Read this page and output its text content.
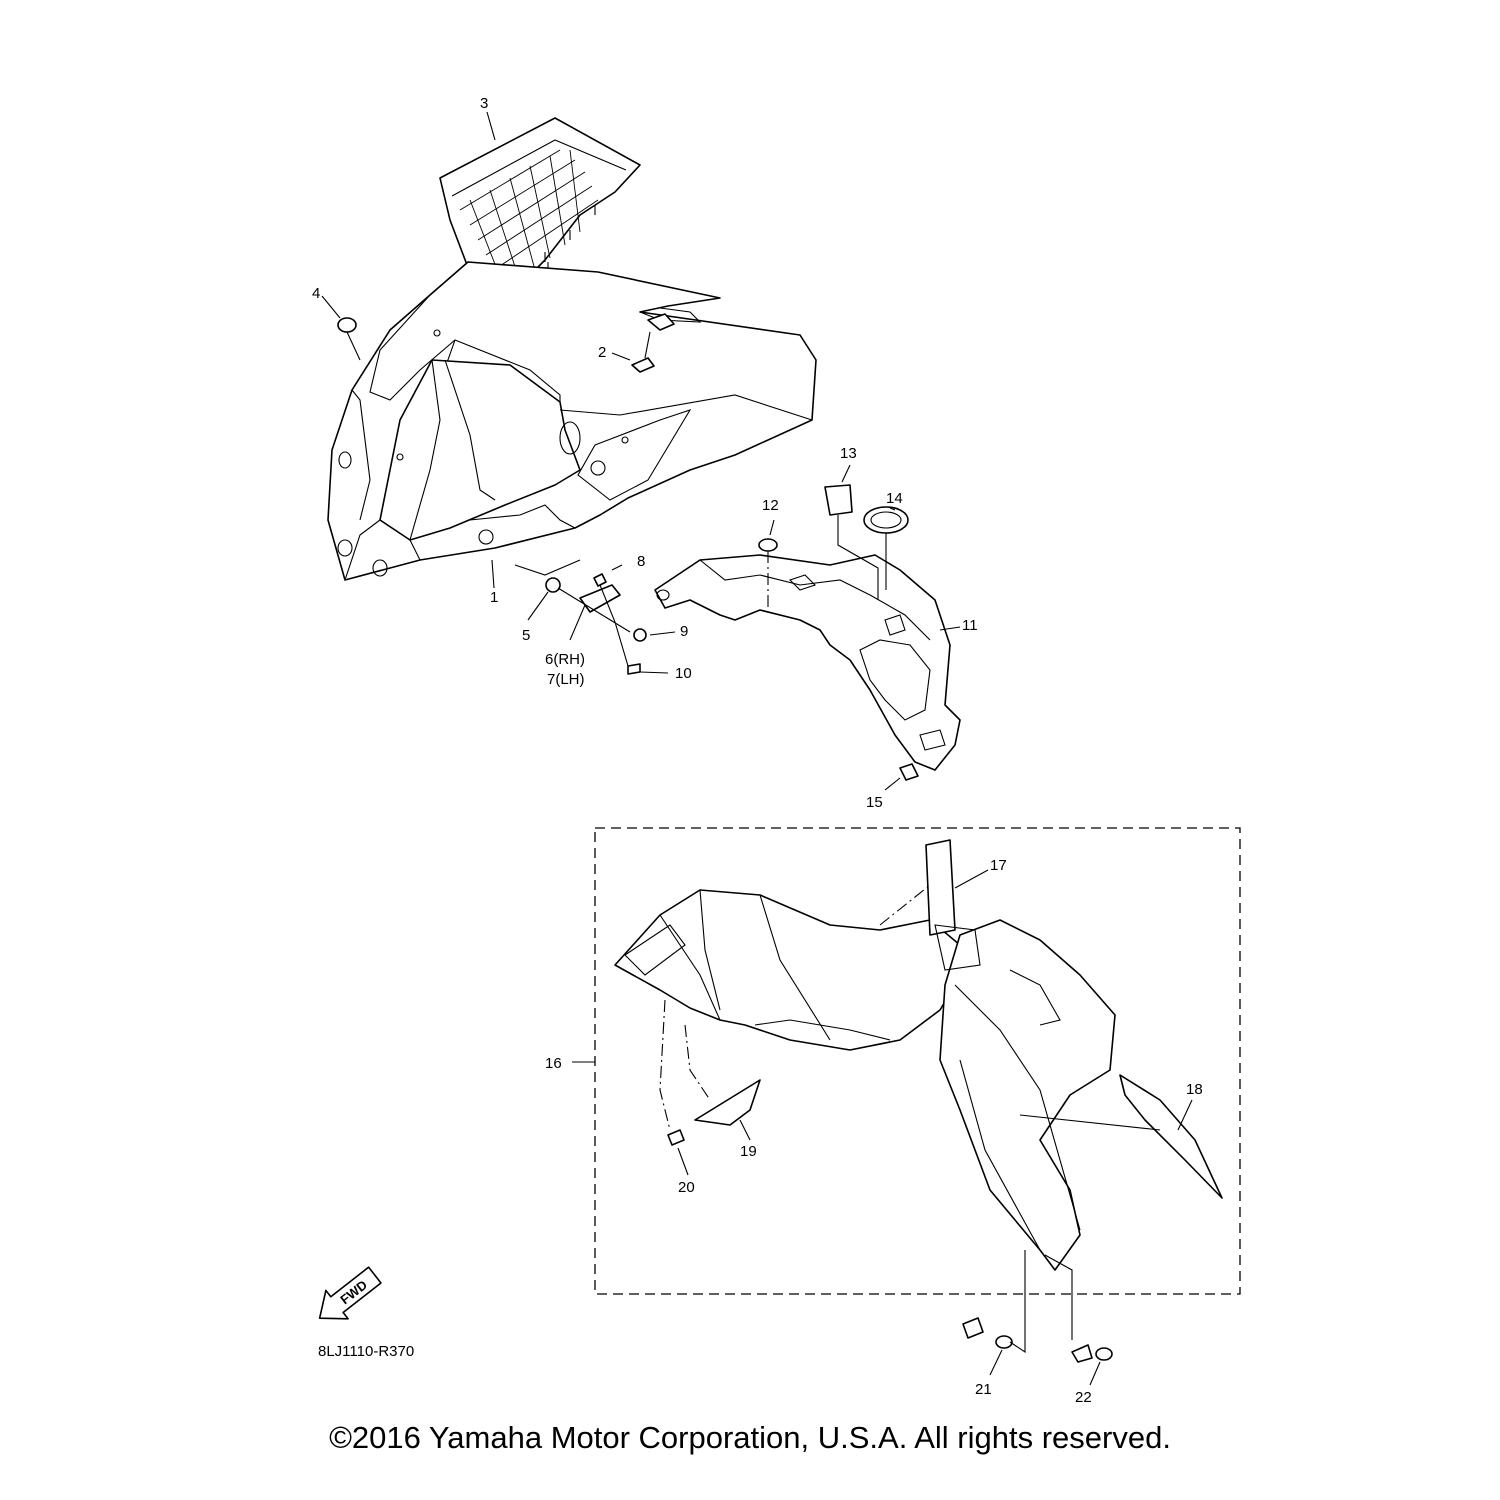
3
4
2
1
5
6(RH)
7(LH)
8
9
10
11
12
13
14
15
16
17
18
19
20
21	22
FWD
8LJ1110-R370
©2016 Yamaha Motor Corporation, U.S.A. All rights reserved.
